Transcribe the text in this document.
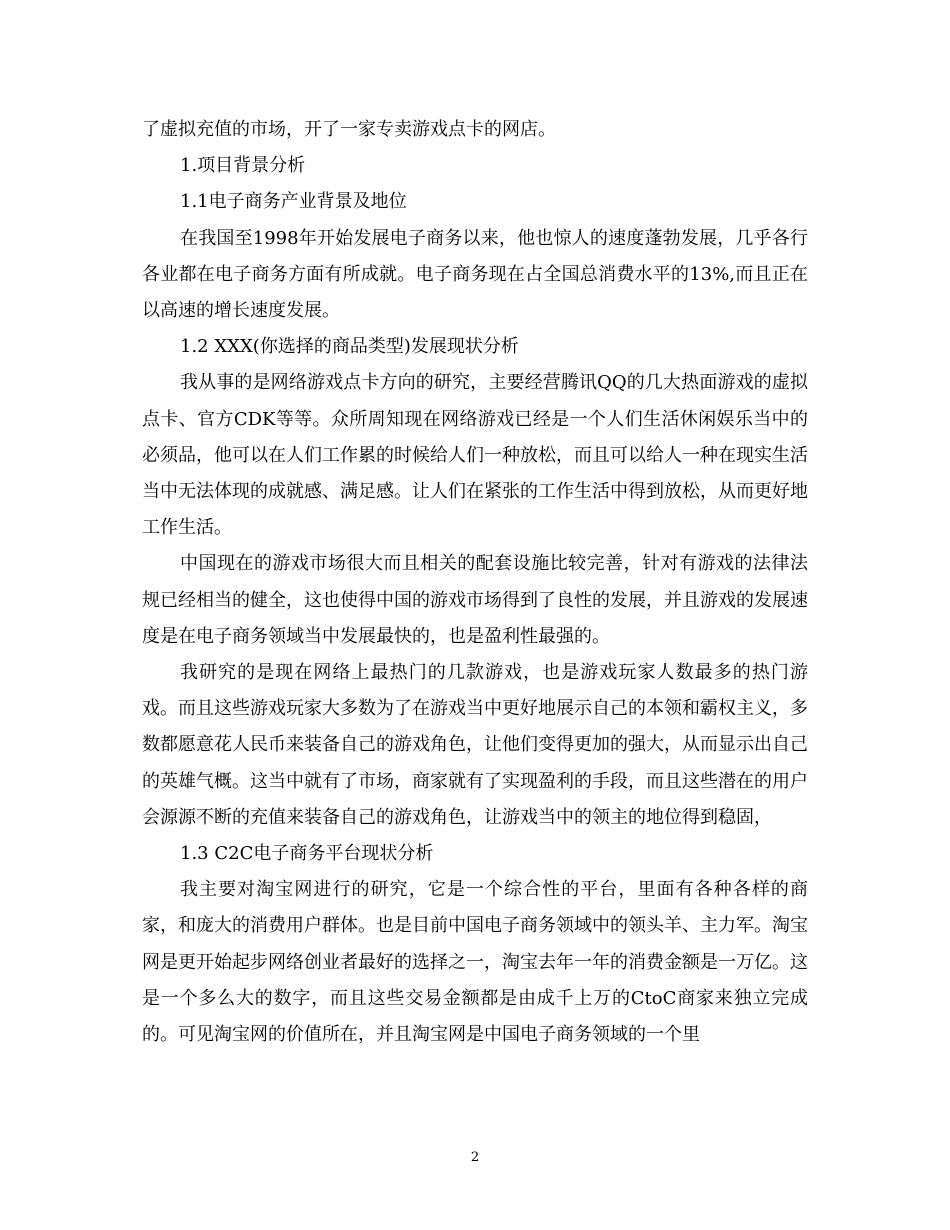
了虚拟充值的市场，开了一家专卖游戏点卡的网店。

1.项目背景分析

1.1电子商务产业背景及地位

在我国至1998年开始发展电子商务以来，他也惊人的速度蓬勃发展，几乎各行各业都在电子商务方面有所成就。电子商务现在占全国总消费水平的13%,而且正在以高速的增长速度发展。

1.2 XXX(你选择的商品类型)发展现状分析

我从事的是网络游戏点卡方向的研究，主要经营腾讯QQ的几大热面游戏的虚拟点卡、官方CDK等等。众所周知现在网络游戏已经是一个人们生活休闲娱乐当中的必须品，他可以在人们工作累的时候给人们一种放松，而且可以给人一种在现实生活当中无法体现的成就感、满足感。让人们在紧张的工作生活中得到放松，从而更好地工作生活。

中国现在的游戏市场很大而且相关的配套设施比较完善，针对有游戏的法律法规已经相当的健全，这也使得中国的游戏市场得到了良性的发展，并且游戏的发展速度是在电子商务领域当中发展最快的，也是盈利性最强的。

我研究的是现在网络上最热门的几款游戏，也是游戏玩家人数最多的热门游戏。而且这些游戏玩家大多数为了在游戏当中更好地展示自己的本领和霸权主义，多数都愿意花人民币来装备自己的游戏角色，让他们变得更加的强大，从而显示出自己的英雄气概。这当中就有了市场，商家就有了实现盈利的手段，而且这些潜在的用户会源源不断的充值来装备自己的游戏角色，让游戏当中的领主的地位得到稳固，

1.3 C2C电子商务平台现状分析

我主要对淘宝网进行的研究，它是一个综合性的平台，里面有各种各样的商家，和庞大的消费用户群体。也是目前中国电子商务领域中的领头羊、主力军。淘宝网是更开始起步网络创业者最好的选择之一，淘宝去年一年的消费金额是一万亿。这是一个多么大的数字，而且这些交易金额都是由成千上万的CtoC商家来独立完成的。可见淘宝网的价值所在，并且淘宝网是中国电子商务领域的一个里

2
